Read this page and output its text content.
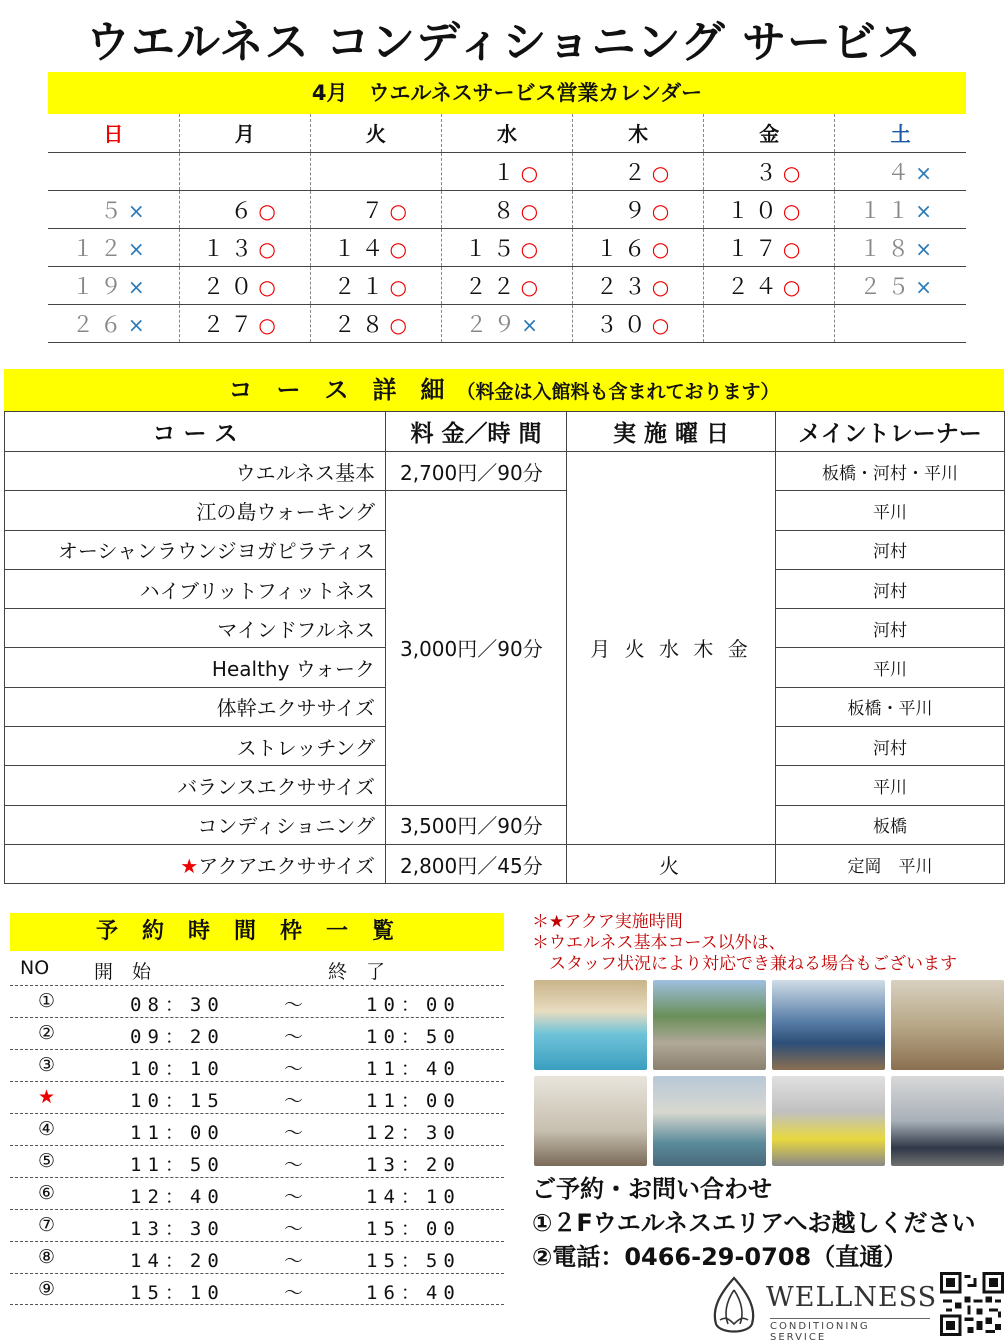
ウエルネス コンディショニング サービス
4月　ウエルネスサービス営業カレンダー
日	月	火	水	木	金	土
			１○	２○	３○	４×
５×	６○	７○	８○	９○	１０○	１１×
１２×	１３○	１４○	１５○	１６○	１７○	１８×
１９×	２０○	２１○	２２○	２３○	２４○	２５×
２６×	２７○	２８○	２９×	３０○		
コ　ー　ス　詳　細 （料金は入館料も含まれております）
コ ー ス	料 金／時 間	実 施 曜 日	メイントレーナー
ウエルネス基本	2,700円／90分	月 火 水 木 金	板橋・河村・平川
江の島ウォーキング	3,000円／90分		平川
オーシャンラウンジヨガピラティス			河村
ハイブリットフィットネス			河村
マインドフルネス			河村
Healthy ウォーク			平川
体幹エクササイズ			板橋・平川
ストレッチング			河村
バランスエクササイズ			平川
コンディショニング	3,500円／90分		板橋
★アクアエクササイズ	2,800円／45分	火	定岡　平川
予約時間枠一覧
NO 開　始	終　了
①	08：30	～	10：00
②	09：20	～	10：50
③	10：10	～	11：40
★	10：15	～	11：00
④	11：00	～	12：30
⑤	11：50	～	13：20
⑥	12：40	～	14：10
⑦	13：30	～	15：00
⑧	14：20	～	15：50
⑨	15：10	～	16：40
＊★アクア実施時間
＊ウエルネス基本コース以外は、
　スタッフ状況により対応でき兼ねる場合もございます
ご予約・お問い合わせ
①２Fウエルネスエリアへお越しください
②電話：0466-29-0708（直通）
WELLNESS
CONDITIONING SERVICE
